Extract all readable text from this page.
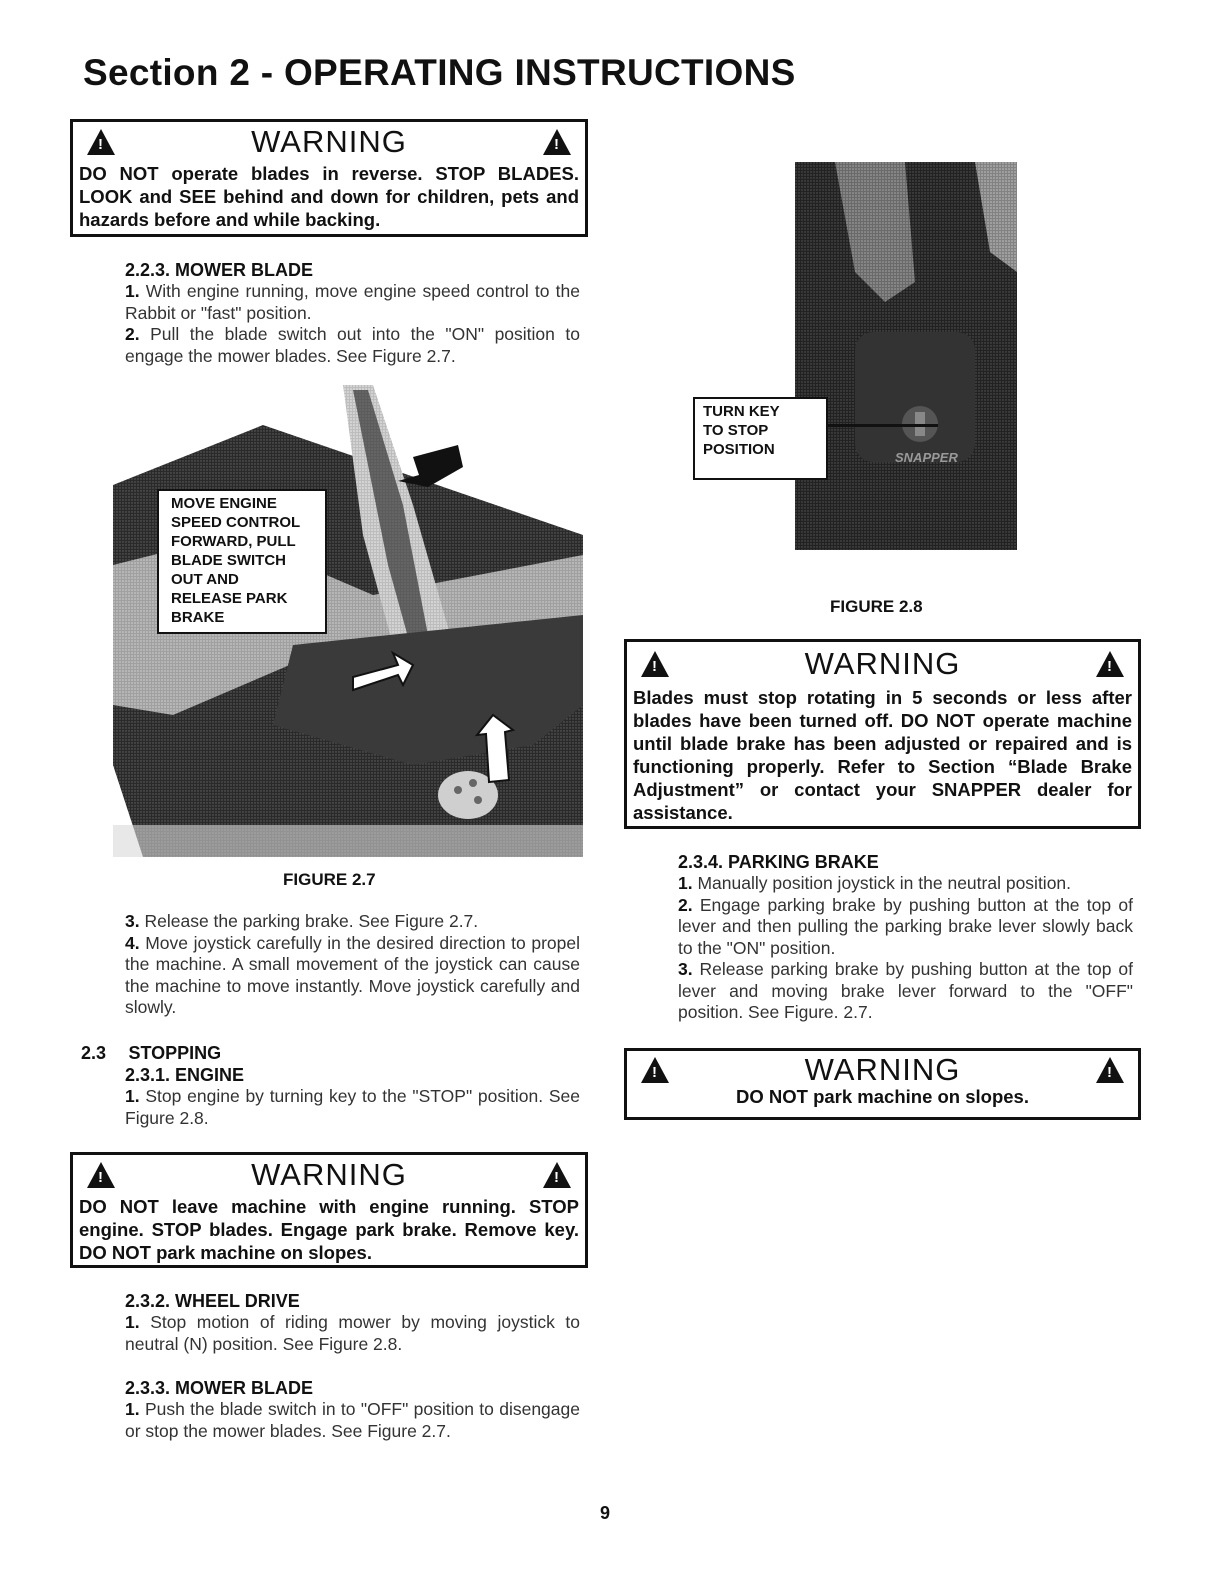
Section 2 - OPERATING INSTRUCTIONS
!
WARNING
!
DO NOT operate blades in reverse. STOP BLADES. LOOK and SEE behind and down for children, pets and hazards before and while backing.

2.2.3. MOWER BLADE

1. With engine running, move engine speed control to the Rabbit or "fast" position.

2. Pull the blade switch out into the "ON" position to engage the mower blades. See Figure 2.7.

MOVE ENGINE
SPEED CONTROL
FORWARD, PULL
BLADE SWITCH
OUT AND
RELEASE PARK
BRAKE
FIGURE 2.7

3. Release the parking brake. See Figure 2.7.

4. Move joystick carefully in the desired direction to propel the machine. A small movement of the joystick can cause the machine to move instantly. Move joystick carefully and slowly.

2.3 STOPPING

2.3.1. ENGINE

1. Stop engine by turning key to the "STOP" position. See Figure 2.8.

!
WARNING
!
DO NOT leave machine with engine running. STOP engine. STOP blades. Engage park brake. Remove key. DO NOT park machine on slopes.

2.3.2. WHEEL DRIVE

1. Stop motion of riding mower by moving joystick to neutral (N) position. See Figure 2.8.

2.3.3. MOWER BLADE

1. Push the blade switch in to "OFF" position to disengage or stop the mower blades. See Figure 2.7.

SNAPPER
TURN KEY
TO STOP
POSITION
FIGURE 2.8
!
WARNING
!
Blades must stop rotating in 5 seconds or less after blades have been turned off. DO NOT operate machine until blade brake has been adjusted or repaired and is functioning properly. Refer to Section “Blade Brake Adjustment” or contact your SNAPPER dealer for assistance.

2.3.4. PARKING BRAKE

1. Manually position joystick in the neutral position.

2. Engage parking brake by pushing button at the top of lever and then pulling the parking brake lever slowly back to the "ON" position.

3. Release parking brake by pushing button at the top of lever and moving brake lever forward to the "OFF" position. See Figure. 2.7.

!
WARNING
!
DO NOT park machine on slopes.
9
